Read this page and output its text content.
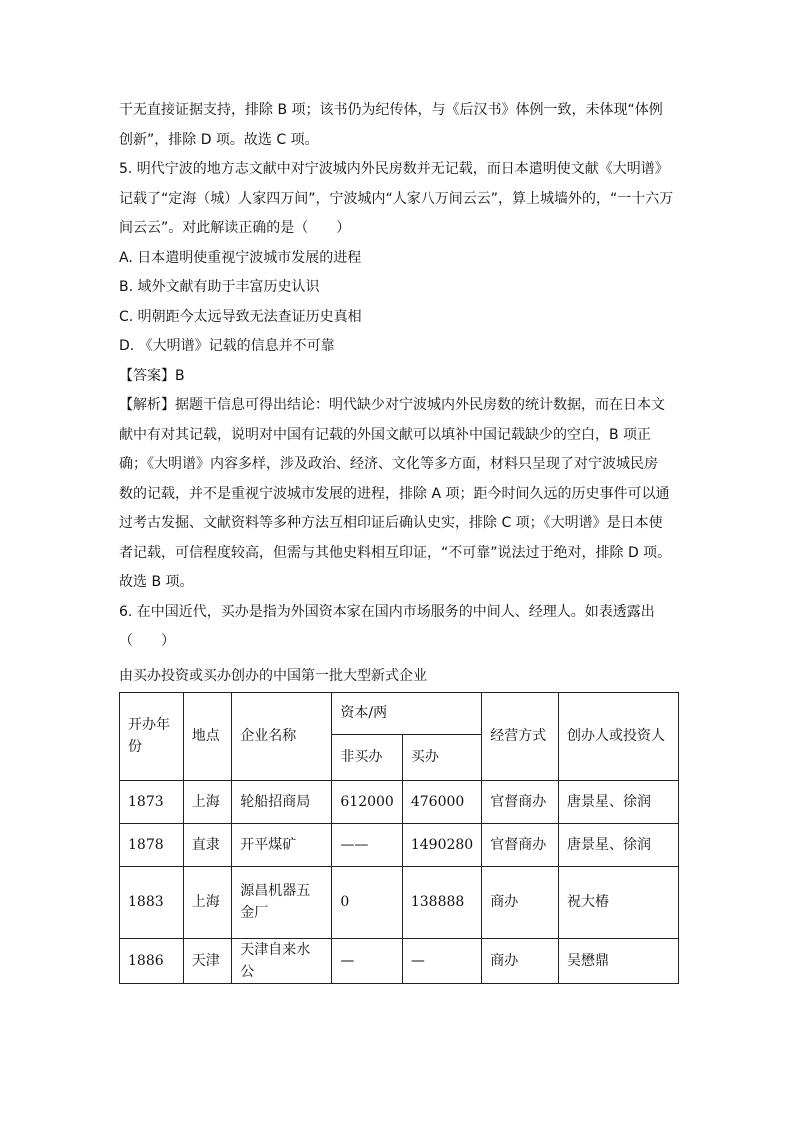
干无直接证据支持，排除 B 项；该书仍为纪传体，与《后汉书》体例一致，未体现“体例
创新”，排除 D 项。故选 C 项。
5. 明代宁波的地方志文献中对宁波城内外民房数并无记载，而日本遣明使文献《大明谱》
记载了“定海（城）人家四万间”，宁波城内“人家八万间云云”，算上城墙外的，“一十六万
间云云”。对此解读正确的是（　　）
A. 日本遣明使重视宁波城市发展的进程
B. 域外文献有助于丰富历史认识
C. 明朝距今太远导致无法查证历史真相
D. 《大明谱》记载的信息并不可靠
【答案】B
【解析】据题干信息可得出结论：明代缺少对宁波城内外民房数的统计数据，而在日本文
献中有对其记载，说明对中国有记载的外国文献可以填补中国记载缺少的空白，B 项正
确；《大明谱》内容多样，涉及政治、经济、文化等多方面，材料只呈现了对宁波城民房
数的记载，并不是重视宁波城市发展的进程，排除 A 项；距今时间久远的历史事件可以通
过考古发掘、文献资料等多种方法互相印证后确认史实，排除 C 项；《大明谱》是日本使
者记载，可信程度较高，但需与其他史料相互印证，“不可靠”说法过于绝对，排除 D 项。
故选 B 项。
6. 在中国近代，买办是指为外国资本家在国内市场服务的中间人、经理人。如表透露出
（　　）
由买办投资或买办创办的中国第一批大型新式企业
开办年份	地点	企业名称	资本/两		经营方式	创办人或投资人
			非买办	买办		
1873	上海	轮船招商局	612000	476000	官督商办	唐景星、徐润
1878	直隶	开平煤矿	——	1490280	官督商办	唐景星、徐润
1883	上海	源昌机器五金厂	0	138888	商办	祝大椿
1886	天津	天津自来水公	—	—	商办	吴懋鼎
